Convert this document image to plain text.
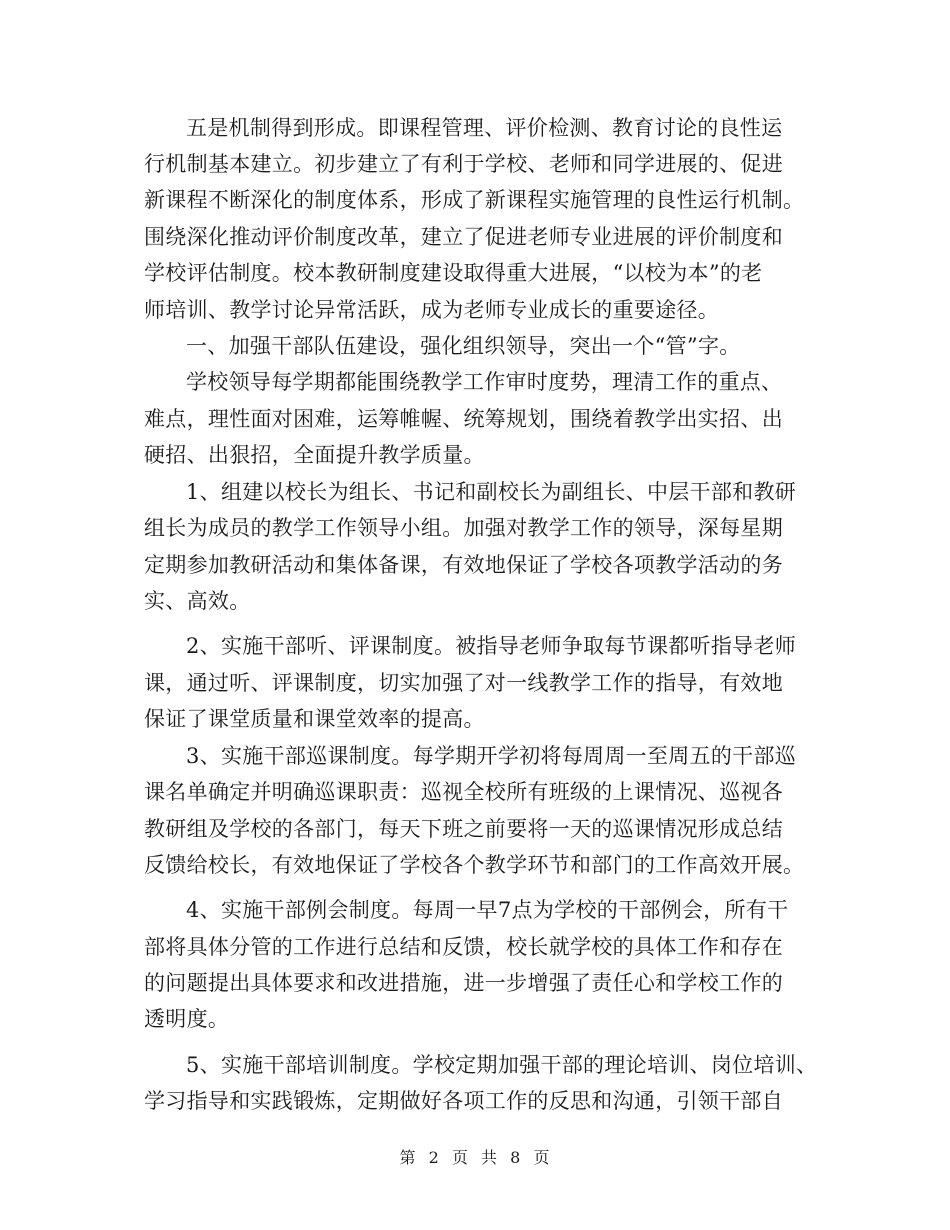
五是机制得到形成。即课程管理、评价检测、教育讨论的良性运
行机制基本建立。初步建立了有利于学校、老师和同学进展的、促进
新课程不断深化的制度体系，形成了新课程实施管理的良性运行机制。
围绕深化推动评价制度改革，建立了促进老师专业进展的评价制度和
学校评估制度。校本教研制度建设取得重大进展，“以校为本”的老
师培训、教学讨论异常活跃，成为老师专业成长的重要途径。
一、加强干部队伍建设，强化组织领导，突出一个“管”字。
学校领导每学期都能围绕教学工作审时度势，理清工作的重点、
难点，理性面对困难，运筹帷幄、统筹规划，围绕着教学出实招、出
硬招、出狠招，全面提升教学质量。
1、组建以校长为组长、书记和副校长为副组长、中层干部和教研
组长为成员的教学工作领导小组。加强对教学工作的领导，深每星期
定期参加教研活动和集体备课，有效地保证了学校各项教学活动的务
实、高效。
2、实施干部听、评课制度。被指导老师争取每节课都听指导老师
课，通过听、评课制度，切实加强了对一线教学工作的指导，有效地
保证了课堂质量和课堂效率的提高。
3、实施干部巡课制度。每学期开学初将每周周一至周五的干部巡
课名单确定并明确巡课职责：巡视全校所有班级的上课情况、巡视各
教研组及学校的各部门，每天下班之前要将一天的巡课情况形成总结
反馈给校长，有效地保证了学校各个教学环节和部门的工作高效开展。
4、实施干部例会制度。每周一早7点为学校的干部例会，所有干
部将具体分管的工作进行总结和反馈，校长就学校的具体工作和存在
的问题提出具体要求和改进措施，进一步增强了责任心和学校工作的
透明度。
5、实施干部培训制度。学校定期加强干部的理论培训、岗位培训、
学习指导和实践锻炼，定期做好各项工作的反思和沟通，引领干部自
第 2 页 共 8 页
